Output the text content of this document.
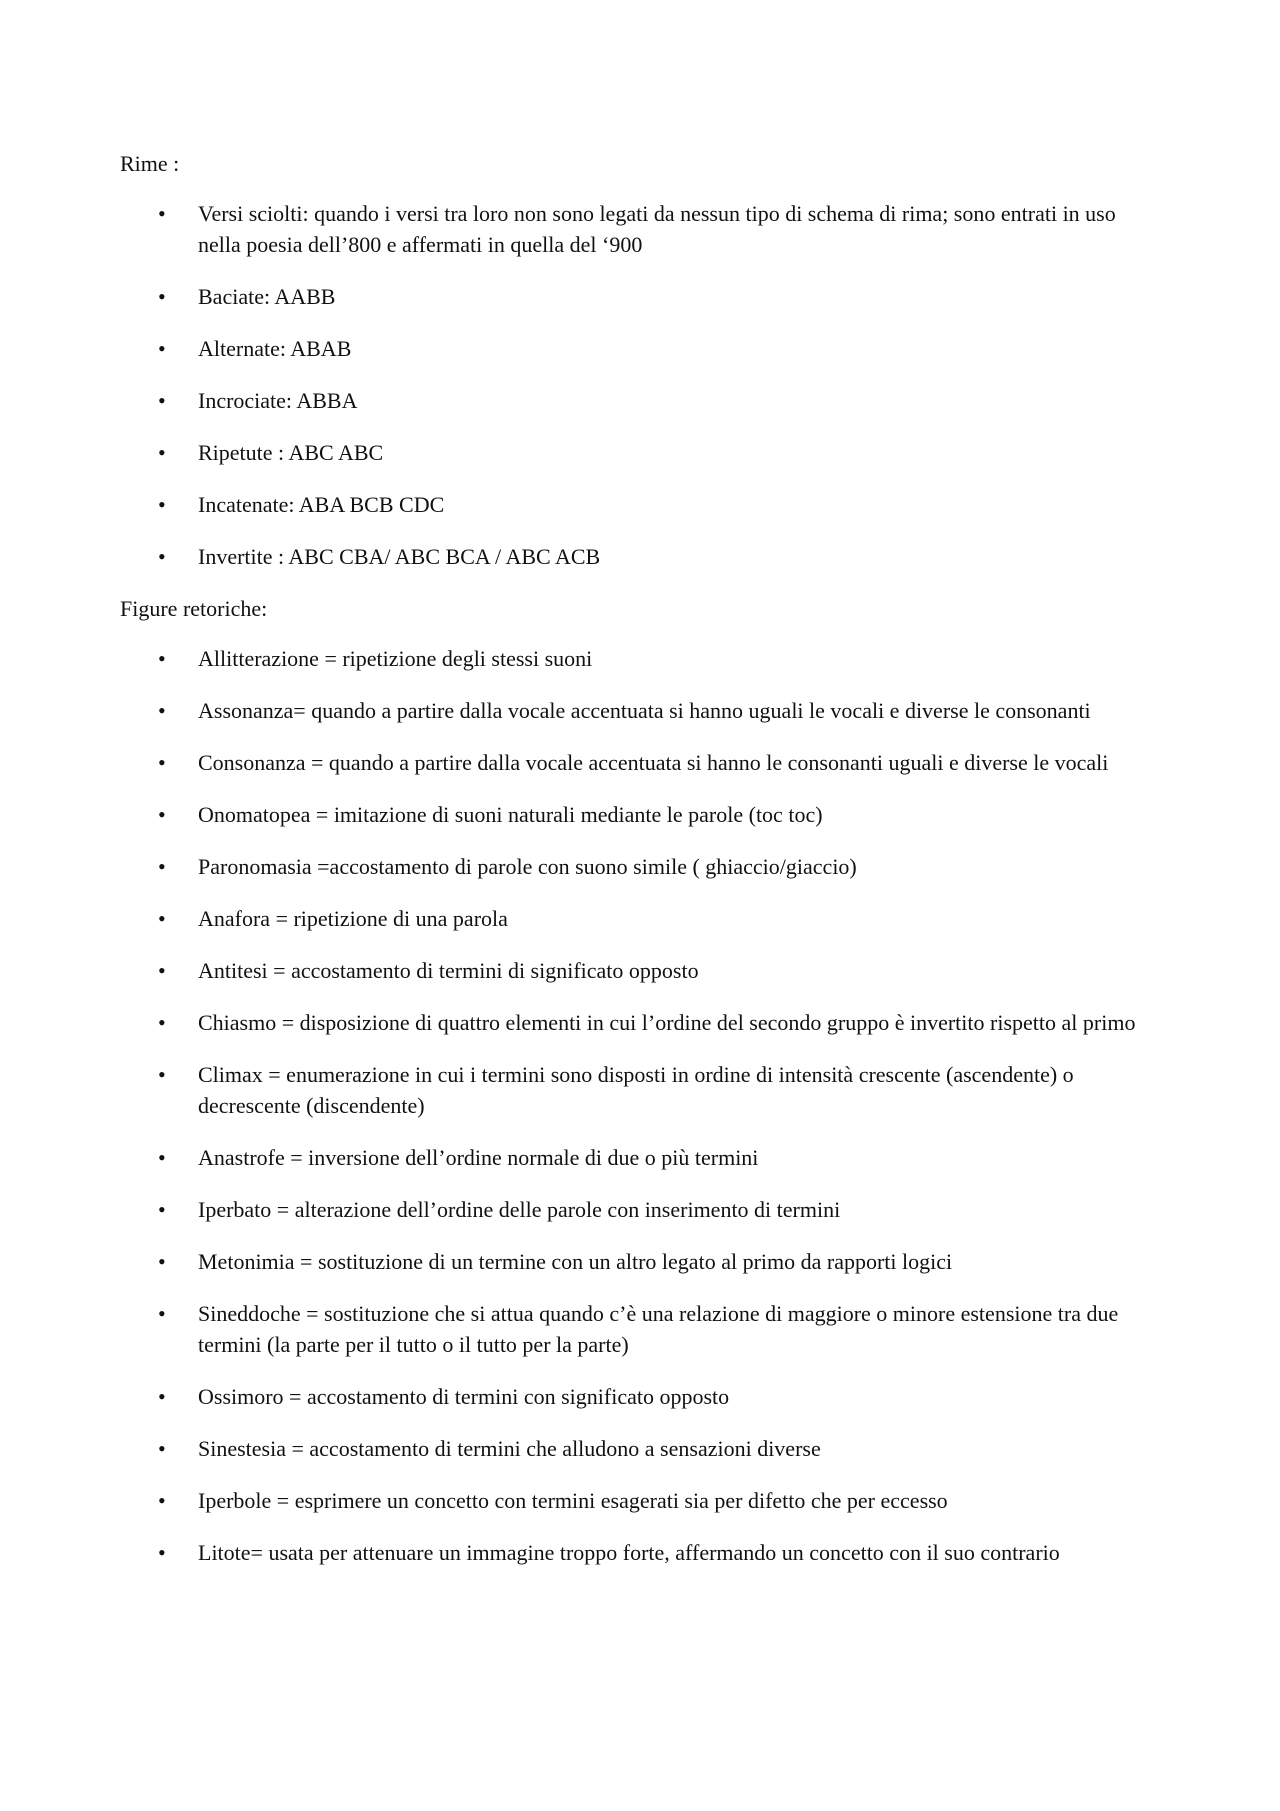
Rime :
• Versi sciolti: quando i versi tra loro non sono legati da nessun tipo di schema di rima; sono entrati in uso nella poesia dell’800 e affermati in quella del ‘900
• Baciate: AABB
• Alternate: ABAB
• Incrociate: ABBA
• Ripetute : ABC ABC
• Incatenate: ABA BCB CDC
• Invertite : ABC CBA/ ABC BCA / ABC ACB
Figure retoriche:
• Allitterazione = ripetizione degli stessi suoni
• Assonanza= quando a partire dalla vocale accentuata si hanno uguali le vocali e diverse le consonanti
• Consonanza = quando a partire dalla vocale accentuata si hanno le consonanti uguali e diverse le vocali
• Onomatopea = imitazione di suoni naturali mediante le parole (toc toc)
• Paronomasia =accostamento di parole con suono simile ( ghiaccio/giaccio)
• Anafora = ripetizione di una parola
• Antitesi = accostamento di termini di significato opposto
• Chiasmo = disposizione di quattro elementi in cui l’ordine del secondo gruppo è invertito rispetto al primo
• Climax = enumerazione in cui i termini sono disposti in ordine di intensità crescente (ascendente) o decrescente (discendente)
• Anastrofe = inversione dell’ordine normale di due o più termini
• Iperbato = alterazione dell’ordine delle parole con inserimento di termini
• Metonimia = sostituzione di un termine con un altro legato al primo da rapporti logici
• Sineddoche = sostituzione che si attua quando c’è una relazione di maggiore o minore estensione tra due termini (la parte per il tutto o il tutto per la parte)
• Ossimoro = accostamento di termini con significato opposto
• Sinestesia = accostamento di termini che alludono a sensazioni diverse
• Iperbole = esprimere un concetto con termini esagerati sia per difetto che per eccesso
• Litote= usata per attenuare un immagine troppo forte, affermando un concetto con il suo contrario
